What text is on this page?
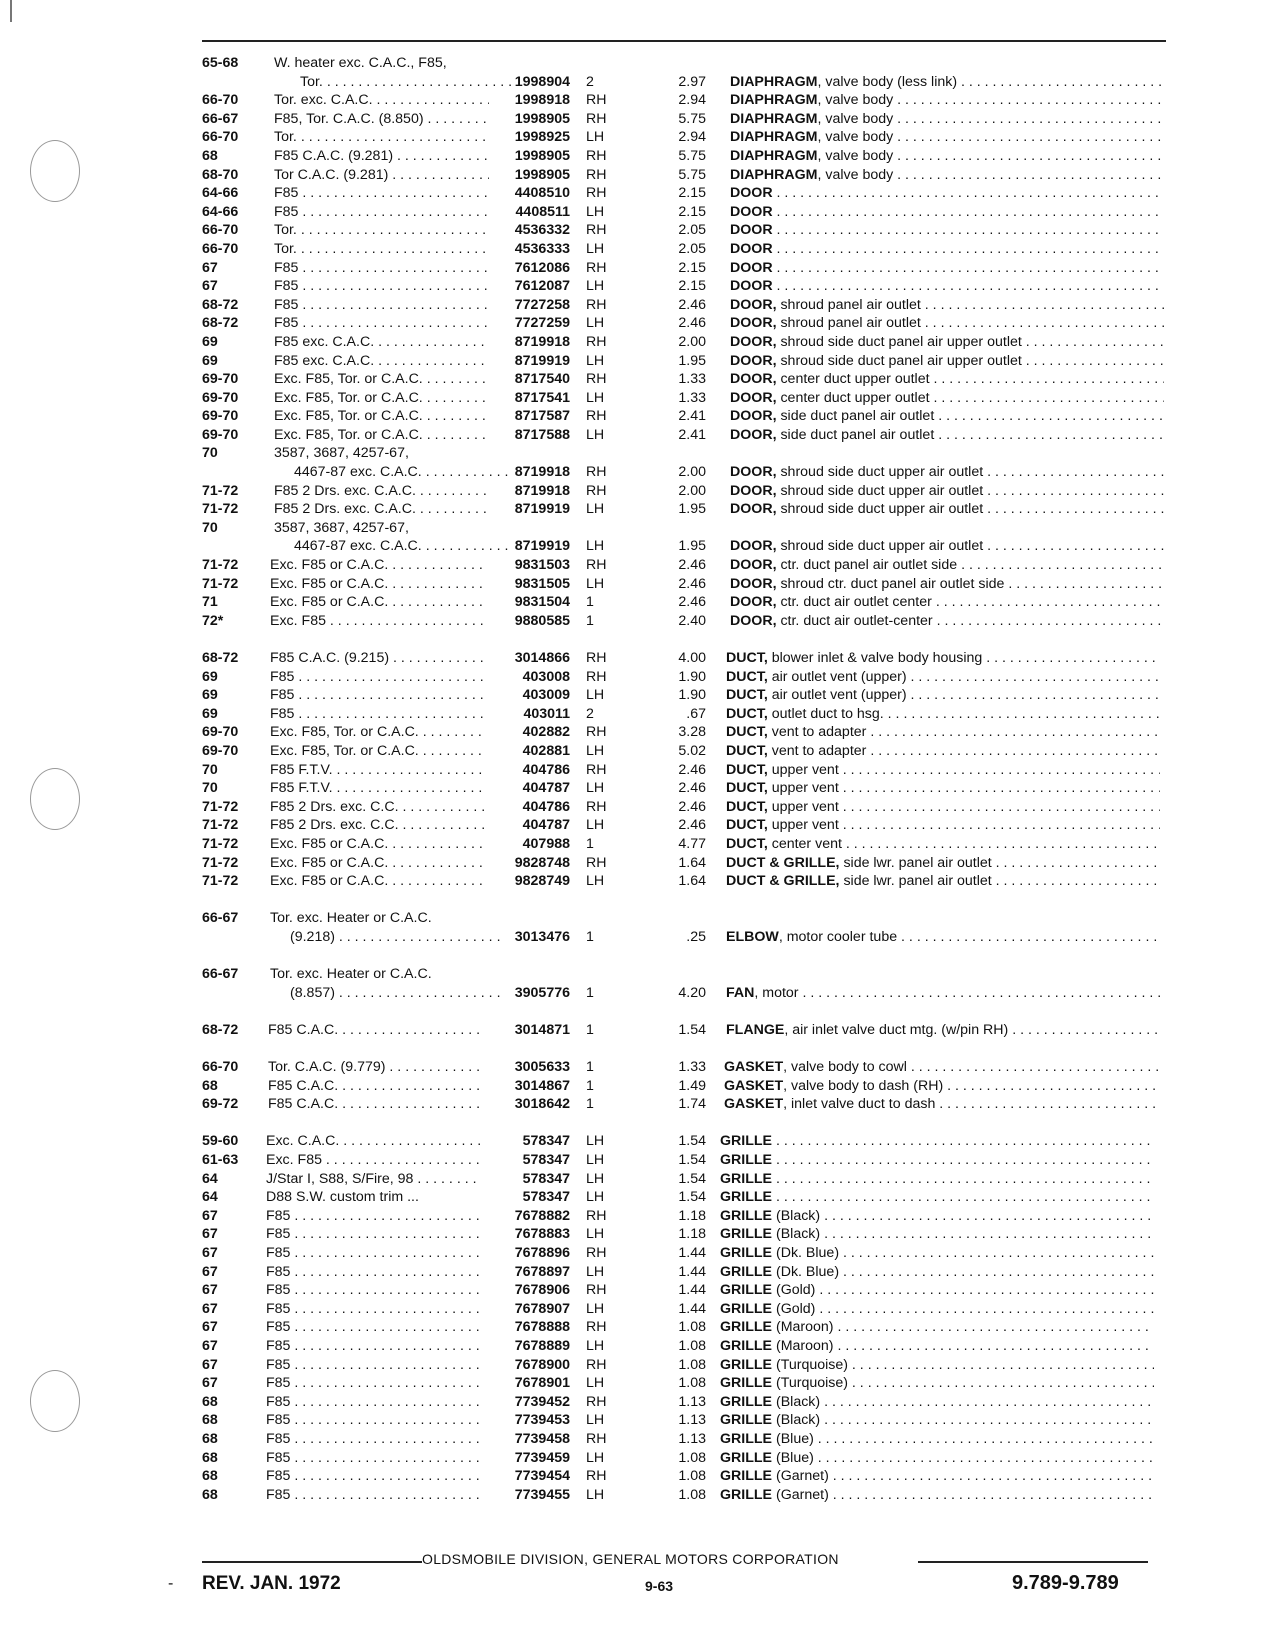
65-68	W. heater exc. C.A.C., F85,
Tor. . . .	1998904 2	2.97 DIAPHRAGM, valve body (less link) . . .
66-70	Tor. exc. C.A.C. . . .	1998918 RH	2.94 DIAPHRAGM, valve body . . .
66-67	F85, Tor. C.A.C. (8.850) . . . .	1998905 RH	5.75 DIAPHRAGM, valve body . . .
66-70	Tor. . . .	1998925 LH	2.94 DIAPHRAGM, valve body . . .
68	F85 C.A.C. (9.281) . . .	1998905 RH	5.75 DIAPHRAGM, valve body . . .
68-70	Tor C.A.C. (9.281) . . .	1998905 RH	5.75 DIAPHRAGM, valve body . . .
64-66	F85 . . .	4408510 RH	2.15 DOOR . . .
64-66	F85 . . .	4408511 LH	2.15 DOOR . . .
66-70	Tor. . . .	4536332 RH	2.05 DOOR . . .
66-70	Tor. . . .	4536333 LH	2.05 DOOR . . .
67	F85 . . .	7612086 RH	2.15 DOOR . . .
67	F85 . . .	7612087 LH	2.15 DOOR . . .
68-72	F85 . . .	7727258 RH	2.46 DOOR, shroud panel air outlet . . .
68-72	F85 . . .	7727259 LH	2.46 DOOR, shroud panel air outlet . . .
69	F85 exc. C.A.C. . . .	8719918 RH	2.00 DOOR, shroud side duct panel air upper outlet . . .
69	F85 exc. C.A.C. . . .	8719919 LH	1.95 DOOR, shroud side duct panel air upper outlet . . .
69-70	Exc. F85, Tor. or C.A.C. . . .	8717540 RH	1.33 DOOR, center duct upper outlet . . .
69-70	Exc. F85, Tor. or C.A.C. . . .	8717541 LH	1.33 DOOR, center duct upper outlet . . .
69-70	Exc. F85, Tor. or C.A.C. . . .	8717587 RH	2.41 DOOR, side duct panel air outlet . . .
69-70	Exc. F85, Tor. or C.A.C. . . .	8717588 LH	2.41 DOOR, side duct panel air outlet . . .
70	3587, 3687, 4257-67,
4467-87 exc. C.A.C. . . .	8719918 RH	2.00 DOOR, shroud side duct upper air outlet . . .
71-72	F85 2 Drs. exc. C.A.C. . . .	8719918 RH	2.00 DOOR, shroud side duct upper air outlet . . .
71-72	F85 2 Drs. exc. C.A.C. . . .	8719919 LH	1.95 DOOR, shroud side duct upper air outlet . . .
70	3587, 3687, 4257-67,
4467-87 exc. C.A.C. . . .	8719919 LH	1.95 DOOR, shroud side duct upper air outlet . . .
71-72 Exc. F85 or C.A.C. . . .	9831503 RH	2.46 DOOR, ctr. duct panel air outlet side . . .
71-72 Exc. F85 or C.A.C. . . .	9831505 LH	2.46 DOOR, shroud ctr. duct panel air outlet side . . .
71	Exc. F85 or C.A.C. . . .	9831504 1	2.46 DOOR, ctr. duct air outlet center . . .
72*	Exc. F85 . . .	9880585 1	2.40 DOOR, ctr. duct air outlet-center . . .
68-72 F85 C.A.C. (9.215) . . .	3014866 RH	4.00 DUCT, blower inlet & valve body housing . . .
69	F85 . . .	403008 RH	1.90 DUCT, air outlet vent (upper) . . .
69	F85 . . .	403009 LH	1.90 DUCT, air outlet vent (upper) . . .
69	F85 . . .	403011 2	.67 DUCT, outlet duct to hsg. . . .
69-70 Exc. F85, Tor. or C.A.C. . . .	402882 RH	3.28 DUCT, vent to adapter . . .
69-70 Exc. F85, Tor. or C.A.C. . . .	402881 LH	5.02 DUCT, vent to adapter . . .
70	F85 F.T.V. . . .	404786 RH	2.46 DUCT, upper vent . . .
70	F85 F.T.V. . . .	404787 LH	2.46 DUCT, upper vent . . .
71-72 F85 2 Drs. exc. C.C. . . .	404786 RH	2.46 DUCT, upper vent . . .
71-72 F85 2 Drs. exc. C.C. . . .	404787 LH	2.46 DUCT, upper vent . . .
71-72 Exc. F85 or C.A.C. . . .	407988 1	4.77 DUCT, center vent . . .
71-72 Exc. F85 or C.A.C. . . .	9828748 RH	1.64 DUCT & GRILLE, side lwr. panel air outlet . . .
71-72 Exc. F85 or C.A.C. . . .	9828749 LH	1.64 DUCT & GRILLE, side lwr. panel air outlet . . .
66-67 Tor. exc. Heater or C.A.C.
(9.218) . . .	3013476 1	.25 ELBOW, motor cooler tube . . .
66-67 Tor. exc. Heater or C.A.C.
(8.857) . . .	3905776 1	4.20 FAN, motor . . .
68-72 F85 C.A.C. . . .	3014871 1	1.54 FLANGE, air inlet valve duct mtg. (w/pin RH) . . .
66-70 Tor. C.A.C. (9.779) . . .	3005633 1	1.33 GASKET, valve body to cowl . . .
68	F85 C.A.C. . . .	3014867 1	1.49 GASKET, valve body to dash (RH) . . .
69-72 F85 C.A.C. . . .	3018642 1	1.74 GASKET, inlet valve duct to dash . . .
59-60 Exc. C.A.C. . . .	578347 LH	1.54 GRILLE . . .
61-63 Exc. F85 . . .	578347 LH	1.54 GRILLE . . .
64	J/Star I, S88, S/Fire, 98 . . . .	578347 LH	1.54 GRILLE . . .
64	D88 S.W. custom trim ...	578347 LH	1.54 GRILLE . . .
67	F85 . . .	7678882 RH	1.18 GRILLE (Black) . . .
67	F85 . . .	7678883 LH	1.18 GRILLE (Black) . . .
67	F85 . . .	7678896 RH	1.44 GRILLE (Dk. Blue) . . .
67	F85 . . .	7678897 LH	1.44 GRILLE (Dk. Blue) . . .
67	F85 . . .	7678906 RH	1.44 GRILLE (Gold) . . .
67	F85 . . .	7678907 LH	1.44 GRILLE (Gold) . . .
67	F85 . . .	7678888 RH	1.08 GRILLE (Maroon) . . .
67	F85 . . .	7678889 LH	1.08 GRILLE (Maroon) . . .
67	F85 . . .	7678900 RH	1.08 GRILLE (Turquoise) . . .
67	F85 . . .	7678901 LH	1.08 GRILLE (Turquoise) . . .
68	F85 . . .	7739452 RH	1.13 GRILLE (Black) . . .
68	F85 . . .	7739453 LH	1.13 GRILLE (Black) . . .
68	F85 . . .	7739458 RH	1.13 GRILLE (Blue) . . .
68	F85 . . .	7739459 LH	1.08 GRILLE (Blue) . . .
68	F85 . . .	7739454 RH	1.08 GRILLE (Garnet) . . .
68	F85 . . .	7739455 LH	1.08 GRILLE (Garnet) . . .
OLDSMOBILE DIVISION, GENERAL MOTORS CORPORATION
- REV. JAN. 1972	9-63	9.789-9.789
